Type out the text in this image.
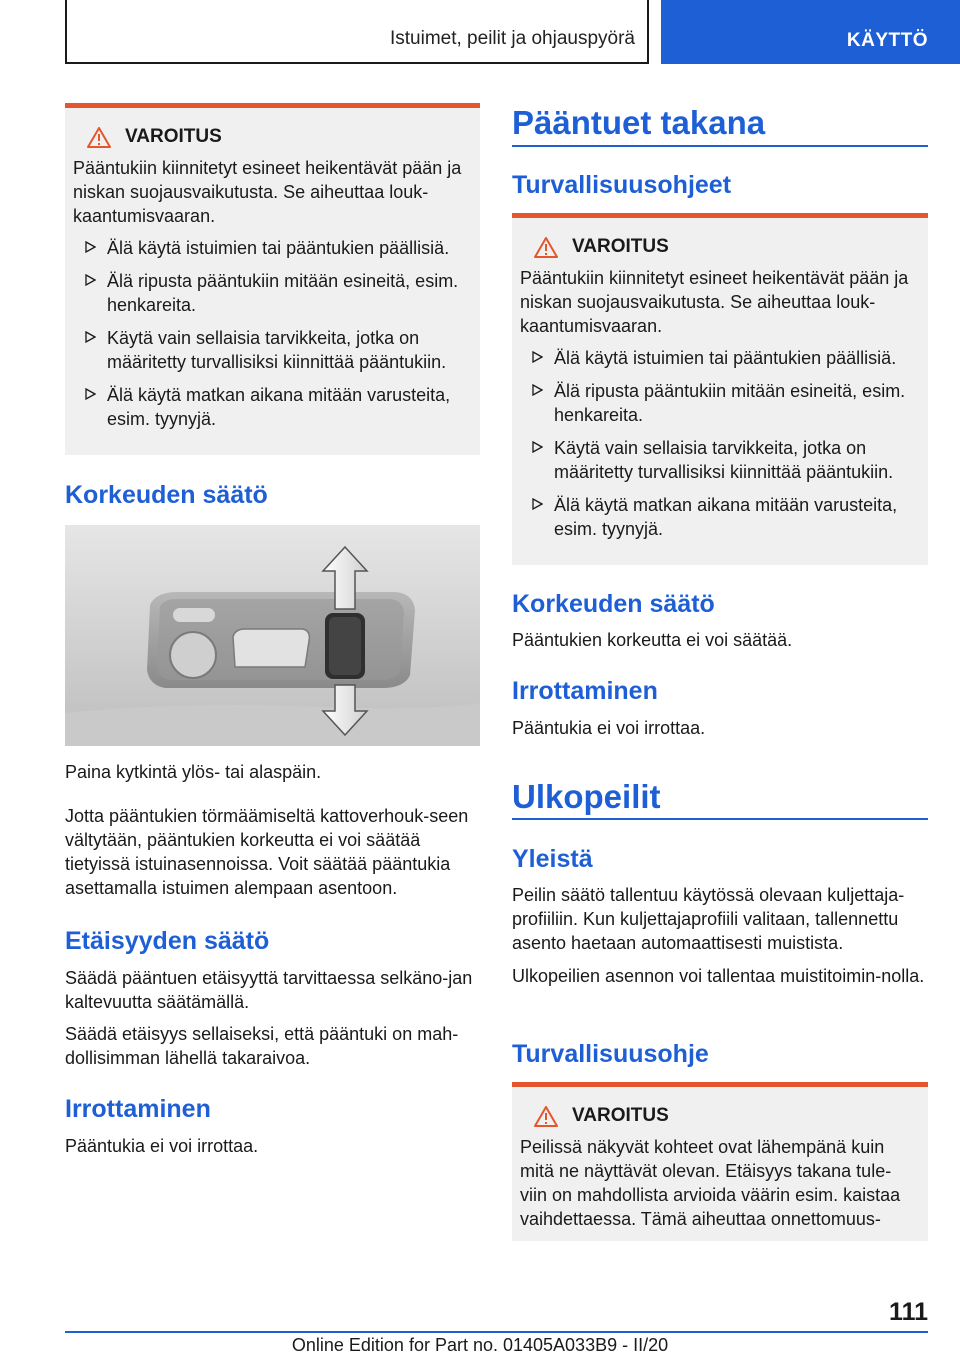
Istuimet, peilit ja ohjauspyörä	KÄYTTÖ
VAROITUS

Pääntukiin kiinnitetyt esineet heikentävät pään ja niskan suojausvaikutusta. Se aiheuttaa louk‐kaantumisvaaran.

Älä käytä istuimien tai pääntukien päällisiä.
Älä ripusta pääntukiin mitään esineitä, esim. henkareita.
Käytä vain sellaisia tarvikkeita, jotka on määritetty turvallisiksi kiinnittää pääntukiin.
Älä käytä matkan aikana mitään varusteita, esim. tyynyjä.
Korkeuden säätö

Paina kytkintä ylös- tai alaspäin.

Jotta pääntukien törmäämiseltä kattoverhouk‐seen vältytään, pääntukien korkeutta ei voi säätää tietyissä istuinasennoissa. Voit säätää pääntukia asettamalla istuimen alempaan asentoon.

Etäisyyden säätö

Säädä pääntuen etäisyyttä tarvittaessa selkäno‐jan kaltevuutta säätämällä.

Säädä etäisyys sellaiseksi, että pääntuki on mah‐dollisimman lähellä takaraivoa.

Irrottaminen

Pääntukia ei voi irrottaa.

Pääntuet takana
Turvallisuusohjeet
VAROITUS

Pääntukiin kiinnitetyt esineet heikentävät pään ja niskan suojausvaikutusta. Se aiheuttaa louk‐kaantumisvaaran.

Älä käytä istuimien tai pääntukien päällisiä.
Älä ripusta pääntukiin mitään esineitä, esim. henkareita.
Käytä vain sellaisia tarvikkeita, jotka on määritetty turvallisiksi kiinnittää pääntukiin.
Älä käytä matkan aikana mitään varusteita, esim. tyynyjä.
Korkeuden säätö

Pääntukien korkeutta ei voi säätää.

Irrottaminen

Pääntukia ei voi irrottaa.

Ulkopeilit
Yleistä

Peilin säätö tallentuu käytössä olevaan kuljettaja‐profiiliin. Kun kuljettajaprofiili valitaan, tallennettu asento haetaan automaattisesti muistista.

Ulkopeilien asennon voi tallentaa muistitoimin‐nolla.

Turvallisuusohje
VAROITUS

Peilissä näkyvät kohteet ovat lähempänä kuin mitä ne näyttävät olevan. Etäisyys takana tule‐viin on mahdollista arvioida väärin esim. kaistaa vaihdettaessa. Tämä aiheuttaa onnettomuus-

111
Online Edition for Part no. 01405A033B9 - II/20
